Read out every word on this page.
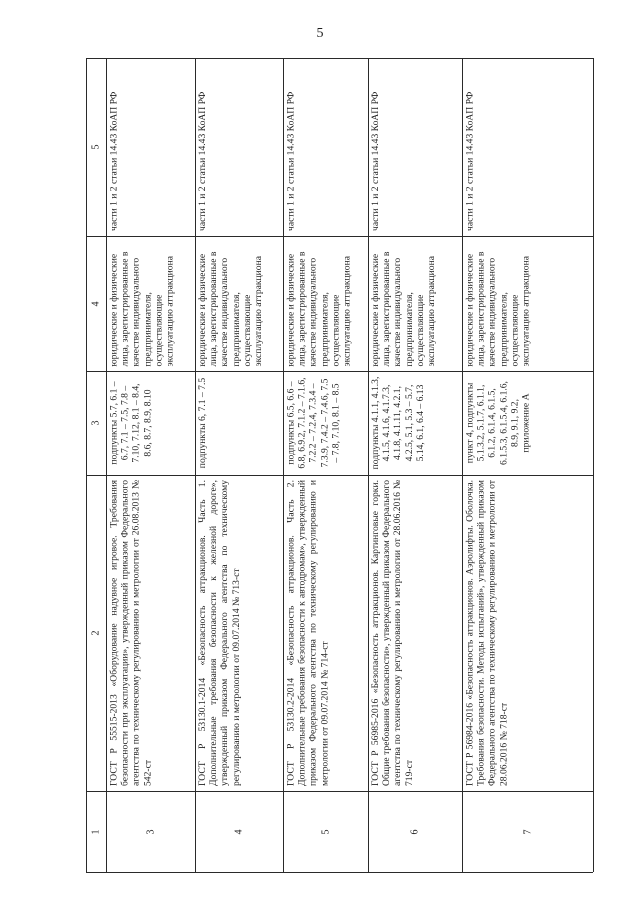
5
5
4
3
2
1
части 1 и 2 статьи 14.43 КоАП РФ
юридические и физические лица, зарегистрированные в качестве индивидуального предпринимателя, осуществляющие эксплуатацию аттракциона
подпункты 5.7, 6.1 – 6.7, 7.1 – 7.5, 7.8 – 7.10, 7.12, 8.1 – 8.4, 8.6, 8.7, 8.9, 8.10
ГОСТ Р 55515-2013 «Оборудование надувное игровое. Требования безопасности при эксплуатации», утвержденный приказом Федерального агентства по техническому регулированию и метрологии от 26.08.2013 № 542-ст
3
части 1 и 2 статьи 14.43 КоАП РФ
юридические и физические лица, зарегистрированные в качестве индивидуального предпринимателя, осуществляющие эксплуатацию аттракциона
подпункты 6, 7.1 – 7.5
ГОСТ Р 53130.1-2014 «Безопасность аттракционов. Часть 1. Дополнительные требования безопасности к железной дороге», утвержденный приказом Федерального агентства по техническому регулированию и метрологии от 09.07.2014 № 713-ст
4
части 1 и 2 статьи 14.43 КоАП РФ
юридические и физические лица, зарегистрированные в качестве индивидуального предпринимателя, осуществляющие эксплуатацию аттракциона
подпункты 6.5, 6.6 – 6.8, 6.9.2, 7.1.2 – 7.1.6, 7.2.2 – 7.2.4, 7.3.4 – 7.3.9, 7.4.2 – 7.4.6, 7.5 – 7.8, 7.10, 8.1 – 8.5
ГОСТ Р 53130.2-2014 «Безопасность аттракционов. Часть 2. Дополнительные требования безопасности к автодромам», утвержденный приказом Федерального агентства по техническому регулированию и метрологии от 09.07.2014 № 714-ст
5
части 1 и 2 статьи 14.43 КоАП РФ
юридические и физические лица, зарегистрированные в качестве индивидуального предпринимателя, осуществляющие эксплуатацию аттракциона
подпункты 4.1.1, 4.1.3, 4.1.5, 4.1.6, 4.1.7.3, 4.1.8, 4.1.11, 4.2.1, 4.2.5, 5.1, 5.3 – 5.7, 5.14, 6.1, 6.4 – 6.13
ГОСТ Р 56985-2016 «Безопасность аттракционов. Картинговые горки. Общие требования безопасности», утвержденный приказом Федерального агентства по техническому регулированию и метрологии от 28.06.2016 № 719-ст
6
части 1 и 2 статьи 14.43 КоАП РФ
юридические и физические лица, зарегистрированные в качестве индивидуального предпринимателя, осуществляющие эксплуатацию аттракциона
пункт 4, подпункты 5.1.3.2, 5.1.7, 6.1.1, 6.1.2, 6.1.4, 6.1.5, 6.1.5.3, 6.1.5.4, 6.1.6, 8.9, 9.1, 9.2, приложение А
ГОСТ Р 56984-2016 «Безопасность аттракционов. Аэролифты. Оболочка. Требования безопасности. Методы испытаний», утвержденный приказом Федерального агентства по техническому регулированию и метрологии от 28.06.2016 № 718-ст
7
